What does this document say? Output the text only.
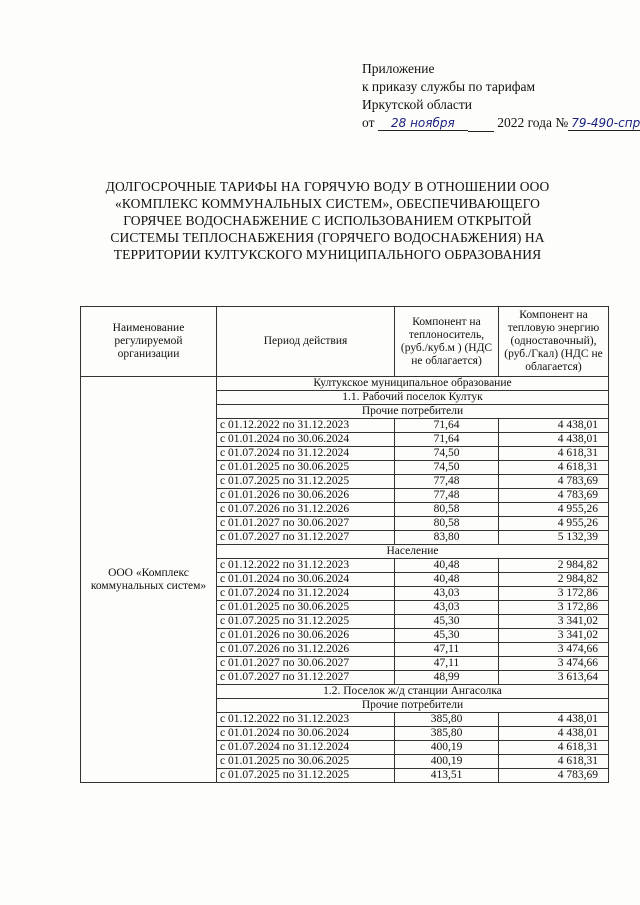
Приложение
к приказу службы по тарифам
Иркутской области
от 28 ноября	2022 года № 79-490-спр
ДОЛГОСРОЧНЫЕ ТАРИФЫ НА ГОРЯЧУЮ ВОДУ В ОТНОШЕНИИ ООО «КОМПЛЕКС КОММУНАЛЬНЫХ СИСТЕМ», ОБЕСПЕЧИВАЮЩЕГО ГОРЯЧЕЕ ВОДОСНАБЖЕНИЕ С ИСПОЛЬЗОВАНИЕМ ОТКРЫТОЙ СИСТЕМЫ ТЕПЛОСНАБЖЕНИЯ (ГОРЯЧЕГО ВОДОСНАБЖЕНИЯ) НА ТЕРРИТОРИИ КУЛТУКСКОГО МУНИЦИПАЛЬНОГО ОБРАЗОВАНИЯ
Наименование регулируемой организации	Период действия	Компонент на теплоноситель, (руб./куб.м ) (НДС не облагается)	Компонент на тепловую энергию (одноставочный), (руб./Гкал) (НДС не облагается)
ООО «Комплекс коммунальных систем»	Култукское муниципальное образование		
	1.1. Рабочий поселок Култук		
	Прочие потребители		
	с 01.12.2022 по 31.12.2023	71,64	4 438,01
	с 01.01.2024 по 30.06.2024	71,64	4 438,01
	с 01.07.2024 по 31.12.2024	74,50	4 618,31
	с 01.01.2025 по 30.06.2025	74,50	4 618,31
	с 01.07.2025 по 31.12.2025	77,48	4 783,69
	с 01.01.2026 по 30.06.2026	77,48	4 783,69
	с 01.07.2026 по 31.12.2026	80,58	4 955,26
	с 01.01.2027 по 30.06.2027	80,58	4 955,26
	с 01.07.2027 по 31.12.2027	83,80	5 132,39
	Население		
	с 01.12.2022 по 31.12.2023	40,48	2 984,82
	с 01.01.2024 по 30.06.2024	40,48	2 984,82
	с 01.07.2024 по 31.12.2024	43,03	3 172,86
	с 01.01.2025 по 30.06.2025	43,03	3 172,86
	с 01.07.2025 по 31.12.2025	45,30	3 341,02
	с 01.01.2026 по 30.06.2026	45,30	3 341,02
	с 01.07.2026 по 31.12.2026	47,11	3 474,66
	с 01.01.2027 по 30.06.2027	47,11	3 474,66
	с 01.07.2027 по 31.12.2027	48,99	3 613,64
	1.2. Поселок ж/д станции Ангасолка		
	Прочие потребители		
	с 01.12.2022 по 31.12.2023	385,80	4 438,01
	с 01.01.2024 по 30.06.2024	385,80	4 438,01
	с 01.07.2024 по 31.12.2024	400,19	4 618,31
	с 01.01.2025 по 30.06.2025	400,19	4 618,31
	с 01.07.2025 по 31.12.2025	413,51	4 783,69
